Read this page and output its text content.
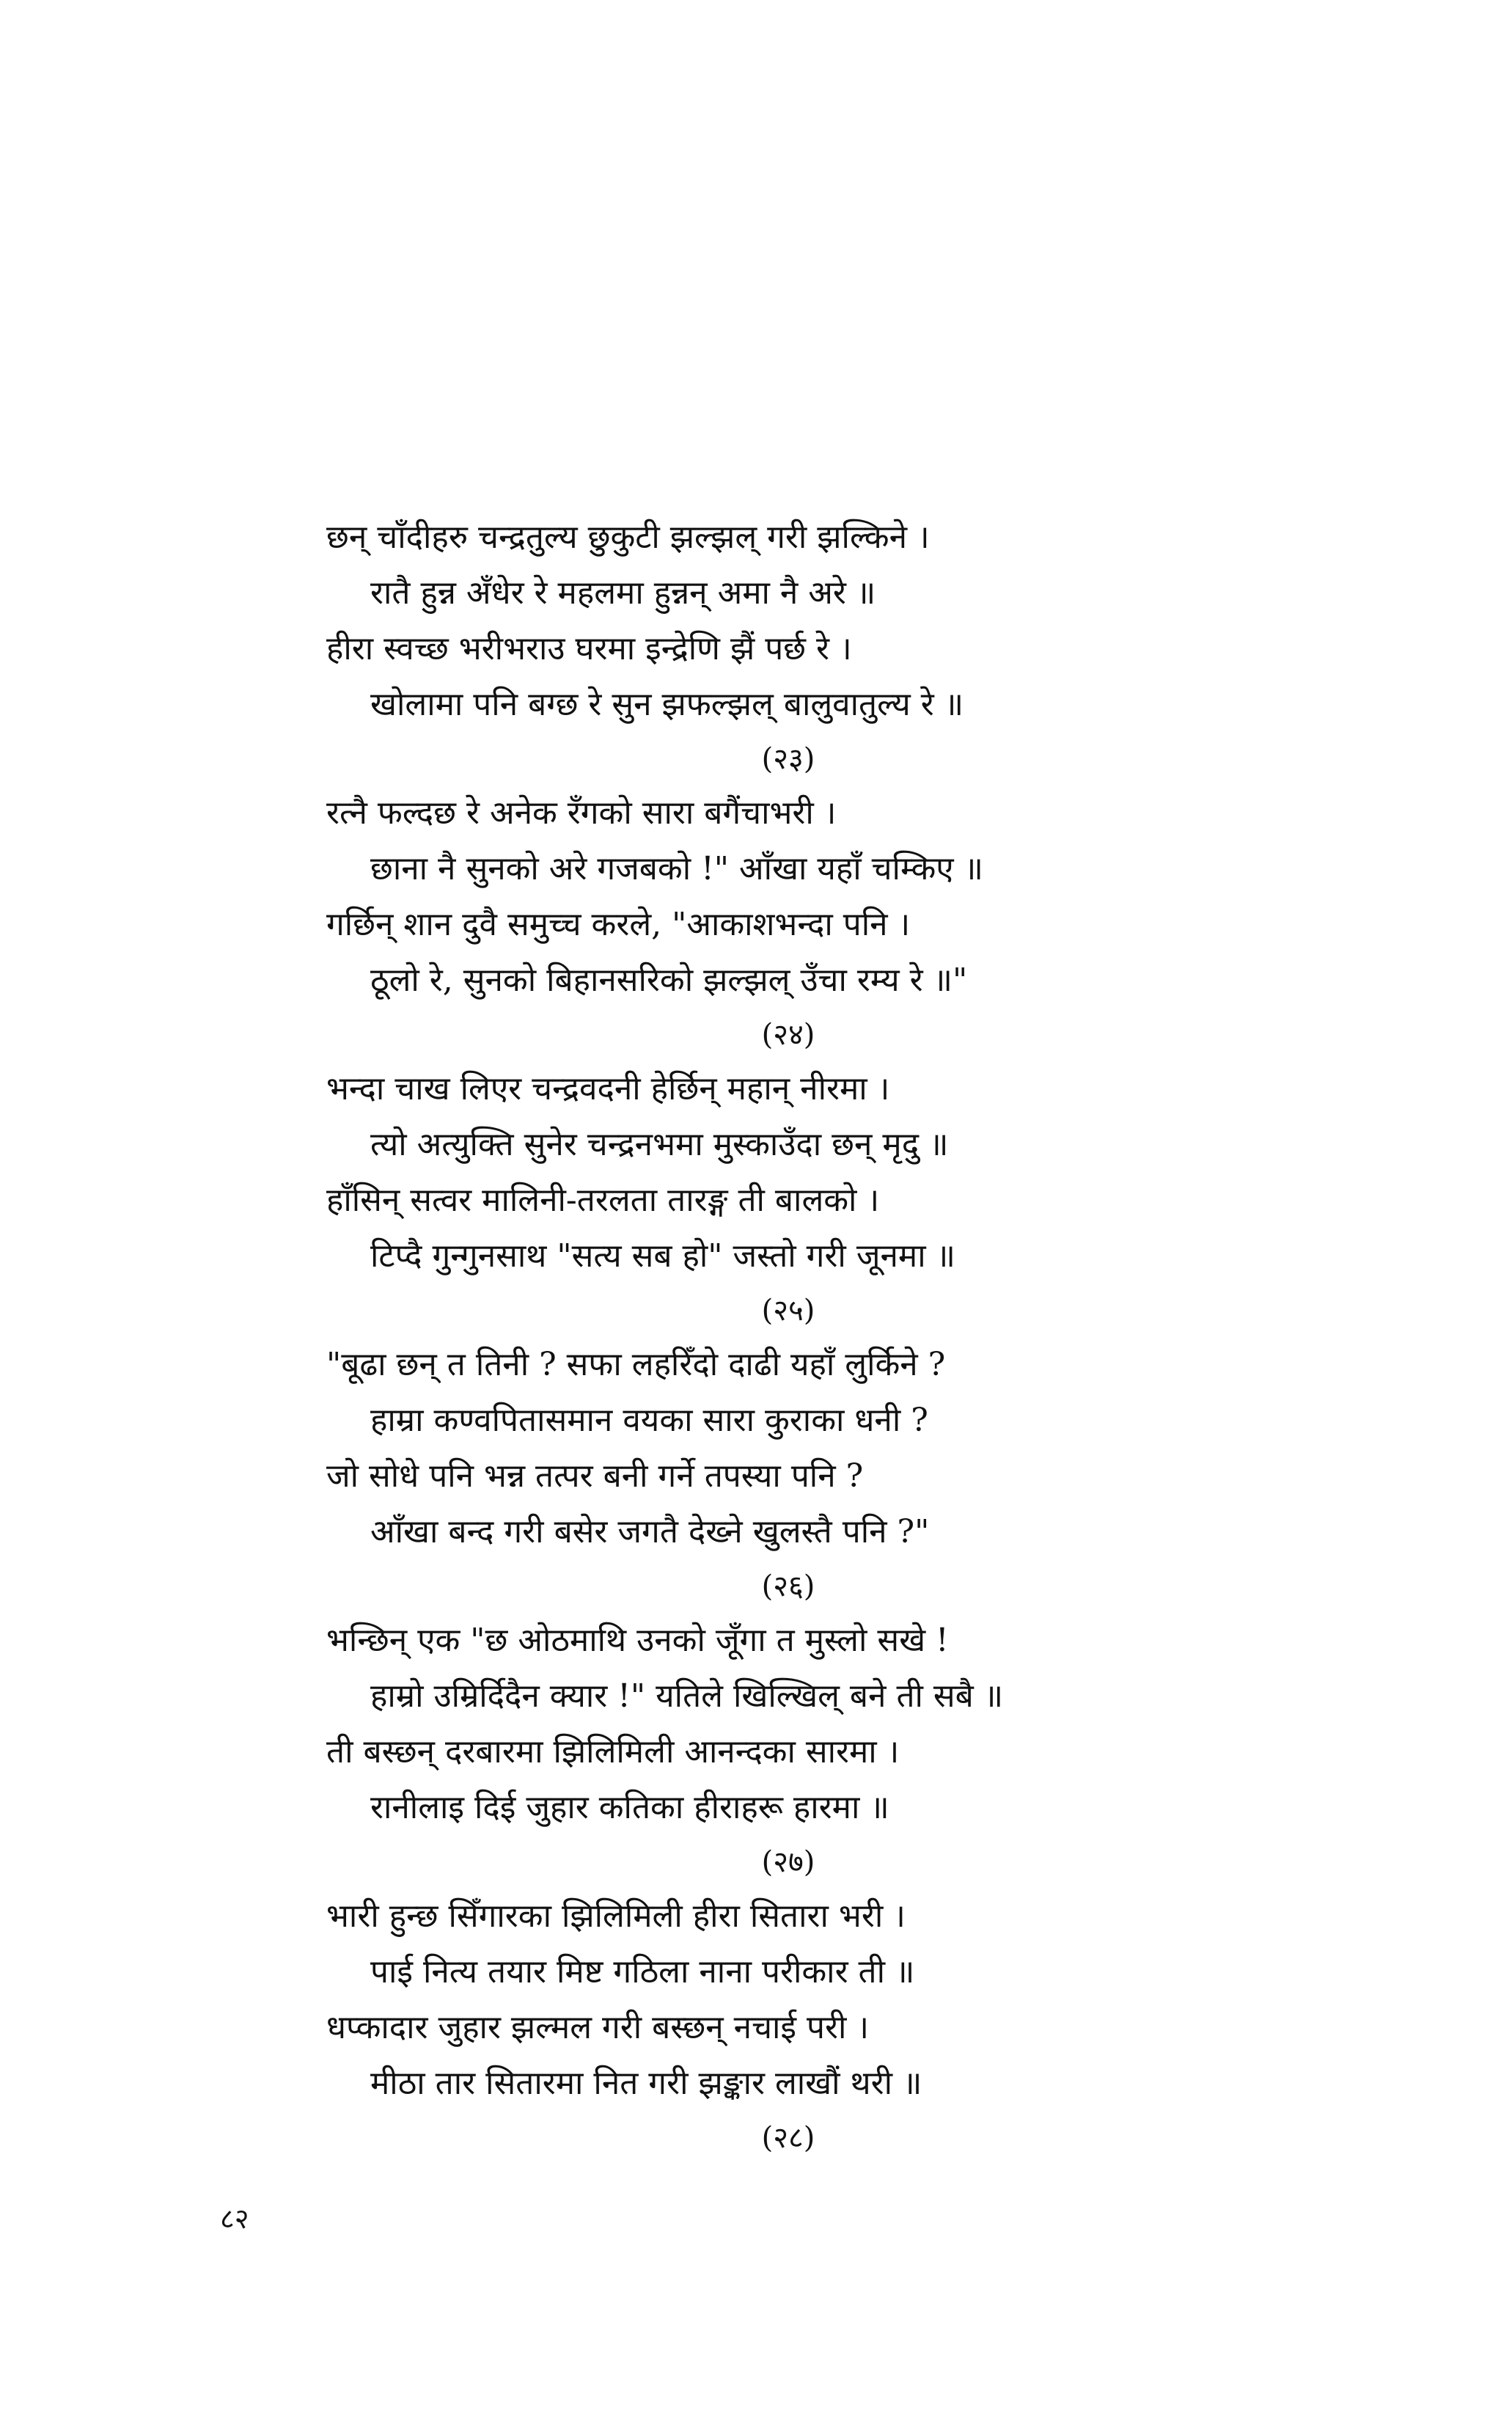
छन् चाँदीहरु चन्द्रतुल्य छुकुटी झल्झल् गरी झल्किने ।
रातै हुन्न अँधेर रे महलमा हुन्नन् अमा नै अरे ॥
हीरा स्वच्छ भरीभराउ घरमा इन्द्रेणि झैं पर्छ रे ।
खोलामा पनि बग्छ रे सुन झफल्झल् बालुवातुल्य रे ॥
(२३)
रत्नै फल्दछ रे अनेक रँगको सारा बगैंचाभरी ।
छाना नै सुनको अरे गजबको !" आँखा यहाँ चम्किए ॥
गर्छिन् शान दुवै समुच्च करले, "आकाशभन्दा पनि ।
ठूलो रे, सुनको बिहानसरिको झल्झल् उँचा रम्य रे ॥"
(२४)
भन्दा चाख लिएर चन्द्रवदनी हेर्छिन् महान् नीरमा ।
त्यो अत्युक्ति सुनेर चन्द्रनभमा मुस्काउँदा छन् मृदु ॥
हाँसिन् सत्वर मालिनी-तरलता तारङ्ग ती बालको ।
टिप्दै गुन्गुनसाथ "सत्य सब हो" जस्तो गरी जूनमा ॥
(२५)
"बूढा छन् त तिनी ? सफा लहरिँदो दाढी यहाँ लुर्किने ?
हाम्रा कण्वपितासमान वयका सारा कुराका धनी ?
जो सोधे पनि भन्न तत्पर बनी गर्ने तपस्या पनि ?
आँखा बन्द गरी बसेर जगतै देख्ने खुलस्तै पनि ?"
(२६)
भन्छिन् एक "छ ओठमाथि उनको जूँगा त मुस्लो सखे !
हाम्रो उम्रिर्दिदैन क्यार !" यतिले खिल्खिल् बने ती सबै ॥
ती बस्छन् दरबारमा झिलिमिली आनन्दका सारमा ।
रानीलाइ दिई जुहार कतिका हीराहरू हारमा ॥
(२७)
भारी हुन्छ सिँगारका झिलिमिली हीरा सितारा भरी ।
पाई नित्य तयार मिष्ट गठिला नाना परीकार ती ॥
धप्कादार जुहार झल्मल गरी बस्छन् नचाई परी ।
मीठा तार सितारमा नित गरी झङ्कार लाखौं थरी ॥
(२८)
८२
